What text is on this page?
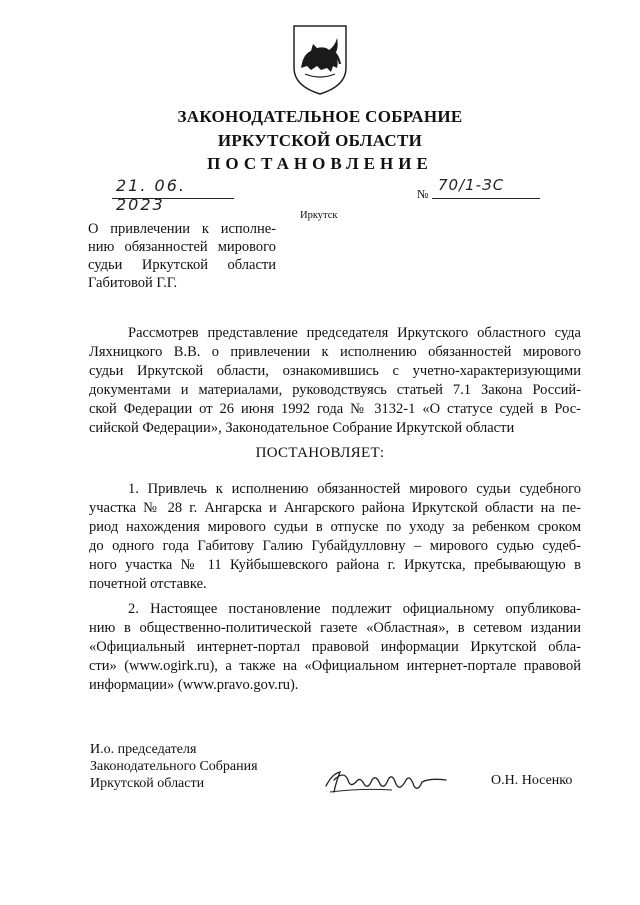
ЗАКОНОДАТЕЛЬНОЕ СОБРАНИЕ
ИРКУТСКОЙ ОБЛАСТИ
ПОСТАНОВЛЕНИЕ
21. 06. 2023
№ 70/1-ЗС
Иркутск
О привлечении к исполне-
нию обязанностей мирового
судьи Иркутской области
Габитовой Г.Г.
Рассмотрев представление председателя Иркутского областного суда
Ляхницкого В.В. о привлечении к исполнению обязанностей мирового
судьи Иркутской области, ознакомившись с учетно-характеризующими
документами и материалами, руководствуясь статьей 7.1 Закона Россий-
ской Федерации от 26 июня 1992 года № 3132-1 «О статусе судей в Рос-
сийской Федерации», Законодательное Собрание Иркутской области
ПОСТАНОВЛЯЕТ:
1. Привлечь к исполнению обязанностей мирового судьи судебного
участка № 28 г. Ангарска и Ангарского района Иркутской области на пе-
риод нахождения мирового судьи в отпуске по уходу за ребенком сроком
до одного года Габитову Галию Губайдулловну – мирового судью судеб-
ного участка № 11 Куйбышевского района г. Иркутска, пребывающую в
почетной отставке.
2. Настоящее постановление подлежит официальному опубликова-
нию в общественно-политической газете «Областная», в сетевом издании
«Официальный интернет-портал правовой информации Иркутской обла-
сти» (www.ogirk.ru), а также на «Официальном интернет-портале правовой
информации» (www.pravo.gov.ru).
И.о. председателя
Законодательного Собрания
Иркутской области	О.Н. Носенко
